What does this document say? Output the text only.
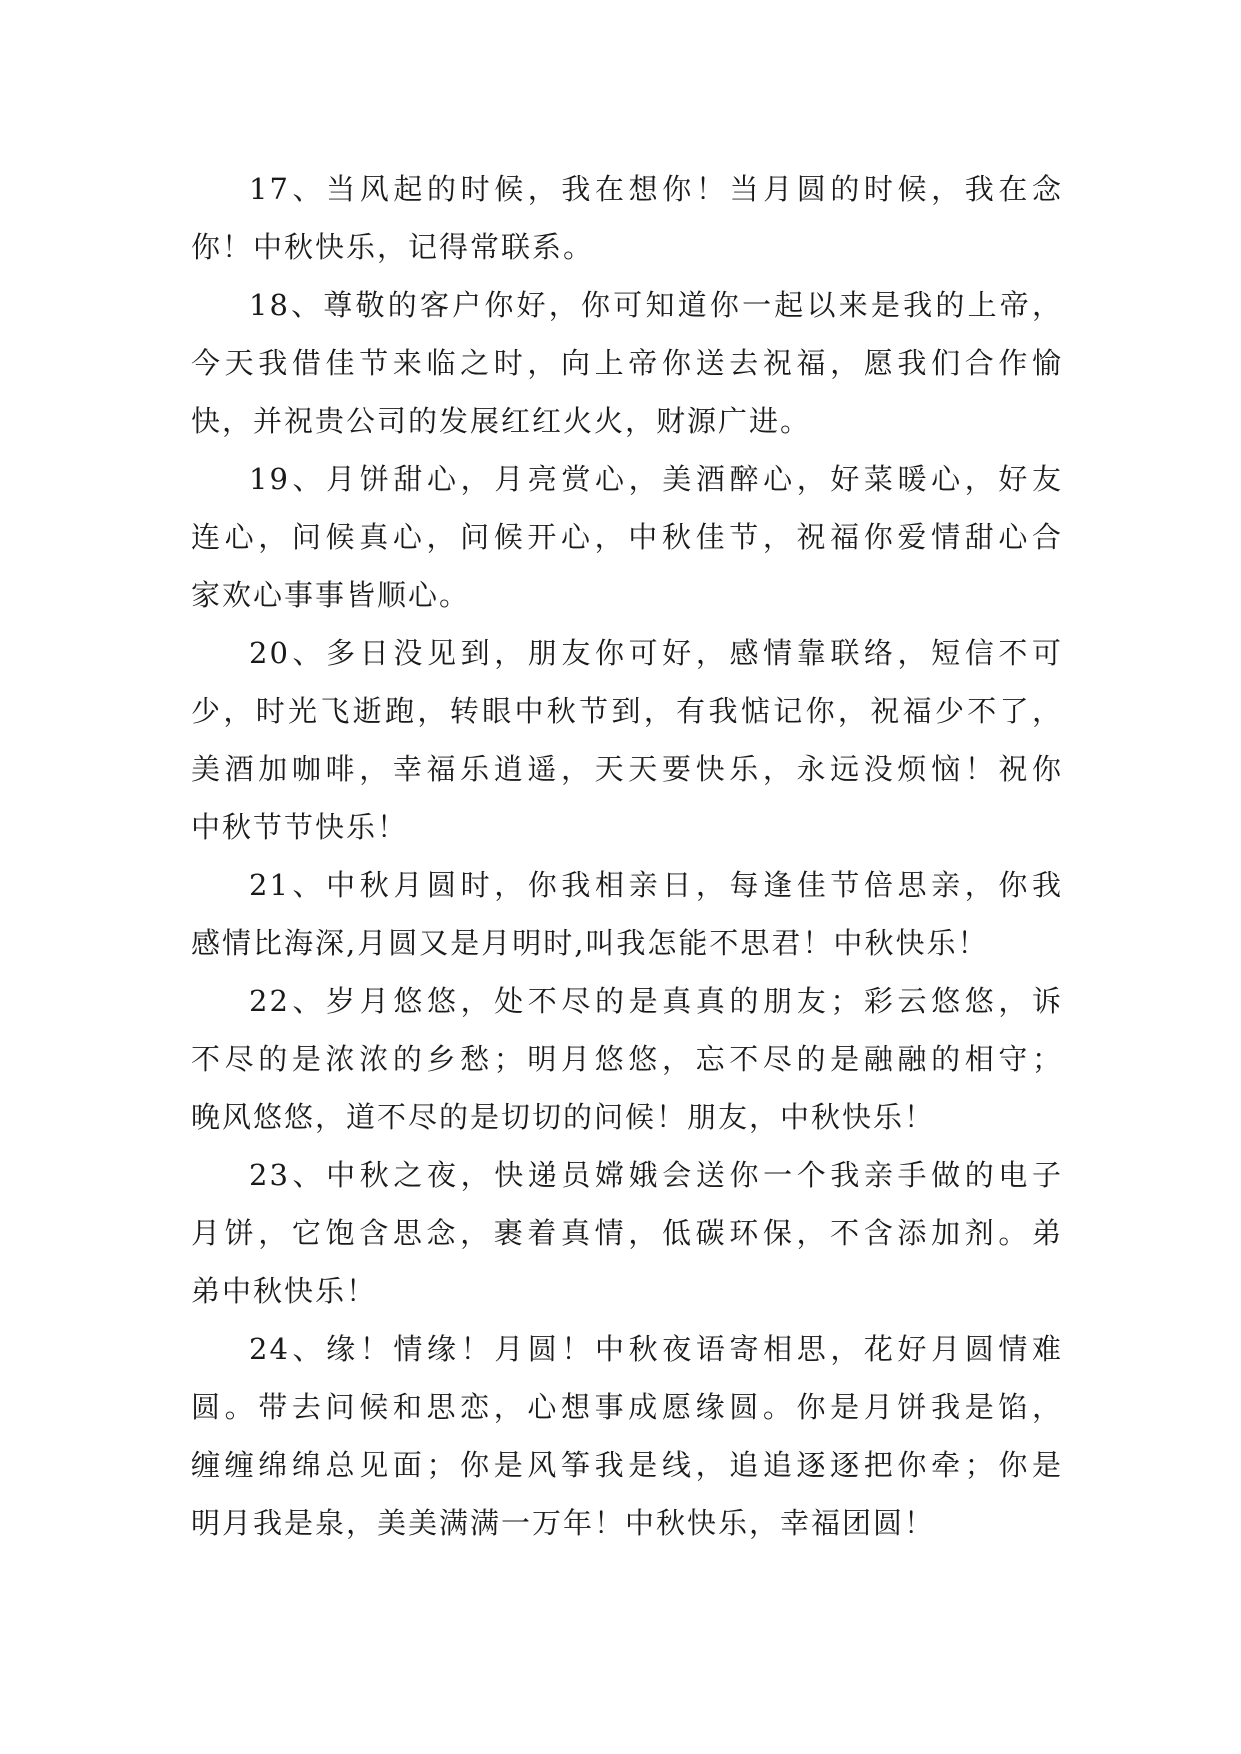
17、当风起的时候，我在想你！当月圆的时候，我在念
你！中秋快乐，记得常联系。
18、尊敬的客户你好，你可知道你一起以来是我的上帝，
今天我借佳节来临之时，向上帝你送去祝福，愿我们合作愉
快，并祝贵公司的发展红红火火，财源广进。
19、月饼甜心，月亮赏心，美酒醉心，好菜暖心，好友
连心，问候真心，问候开心，中秋佳节，祝福你爱情甜心合
家欢心事事皆顺心。
20、多日没见到，朋友你可好，感情靠联络，短信不可
少，时光飞逝跑，转眼中秋节到，有我惦记你，祝福少不了，
美酒加咖啡，幸福乐逍遥，天天要快乐，永远没烦恼！祝你
中秋节节快乐！
21、中秋月圆时，你我相亲日，每逢佳节倍思亲，你我
感情比海深,月圆又是月明时,叫我怎能不思君！中秋快乐！
22、岁月悠悠，处不尽的是真真的朋友；彩云悠悠，诉
不尽的是浓浓的乡愁；明月悠悠，忘不尽的是融融的相守；
晚风悠悠，道不尽的是切切的问候！朋友，中秋快乐！
23、中秋之夜，快递员嫦娥会送你一个我亲手做的电子
月饼，它饱含思念，裹着真情，低碳环保，不含添加剂。弟
弟中秋快乐！
24、缘！情缘！月圆！中秋夜语寄相思，花好月圆情难
圆。带去问候和思恋，心想事成愿缘圆。你是月饼我是馅，
缠缠绵绵总见面；你是风筝我是线，追追逐逐把你牵；你是
明月我是泉，美美满满一万年！中秋快乐，幸福团圆！
